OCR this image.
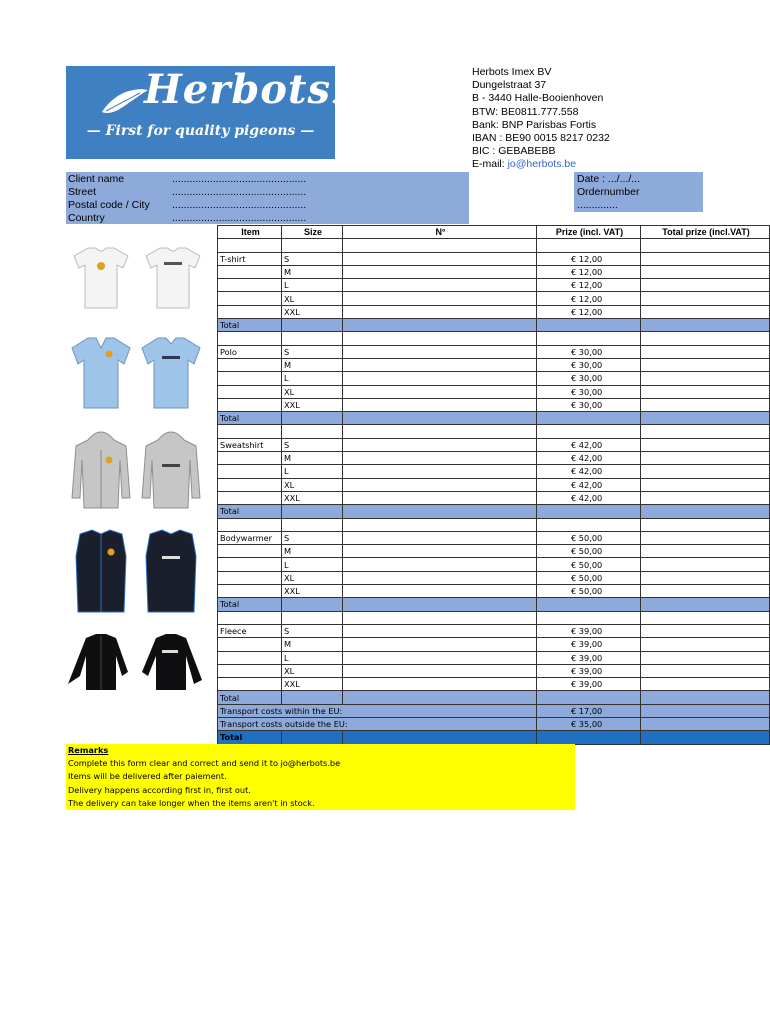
Herbots.be
— First for quality pigeons —
Herbots Imex BV
Dungelstraat 37
B - 3440 Halle-Booienhoven
BTW: BE0811.777.558
Bank: BNP Parisbas Fortis
IBAN : BE90 0015 8217 0232
BIC : GEBABEBB
E-mail: jo@herbots.be
Client name	..............................................
Street	..............................................
Postal code / City ..............................................
Country	..............................................
Date : .../.../...
Ordernumber
..............
Item	Size	N°	Prize (incl. VAT)	Total prize (incl.VAT)

T-shirt	S		€ 12,00	
	M		€ 12,00	
	L		€ 12,00	
	XL		€ 12,00	
	XXL		€ 12,00	
Total				

Polo	S		€ 30,00	
	M		€ 30,00	
	L		€ 30,00	
	XL		€ 30,00	
	XXL		€ 30,00	
Total				

Sweatshirt	S		€ 42,00	
	M		€ 42,00	
	L		€ 42,00	
	XL		€ 42,00	
	XXL		€ 42,00	
Total				

Bodywarmer	S		€ 50,00	
	M		€ 50,00	
	L		€ 50,00	
	XL		€ 50,00	
	XXL		€ 50,00	
Total				

Fleece	S		€ 39,00	
	M		€ 39,00	
	L		€ 39,00	
	XL		€ 39,00	
	XXL		€ 39,00	
Total				
Transport costs within the EU:			€ 17,00	
Transport costs outside the EU:			€ 35,00	
Total				
Remarks
Complete this form clear and correct and send it to jo@herbots.be
Items will be delivered after paiement.
Delivery happens according first in, first out.
The delivery can take longer when the items aren't in stock.
